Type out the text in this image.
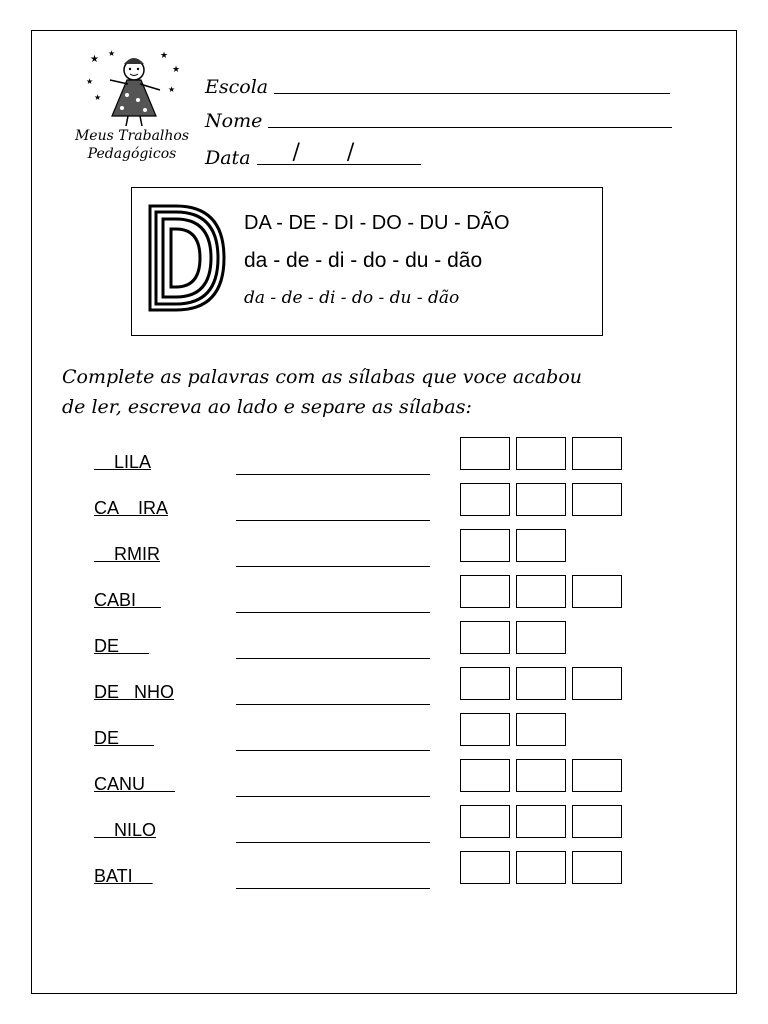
★
★	★
★
★
★
★
Meus Trabalhos
Pedagógicos
Escola
Nome
Data / /
DA - DE - DI - DO - DU - DÃO
da - de - di - do - du - dão
da - de - di - do - du - dão
Complete as palavras com as sílabas que voce acabou
de ler, escreva ao lado e separe as sílabas:
LILA
CA    IRA
RMIR
CABI
DE
DE   NHO
DE
CANU
NILO
BATI
